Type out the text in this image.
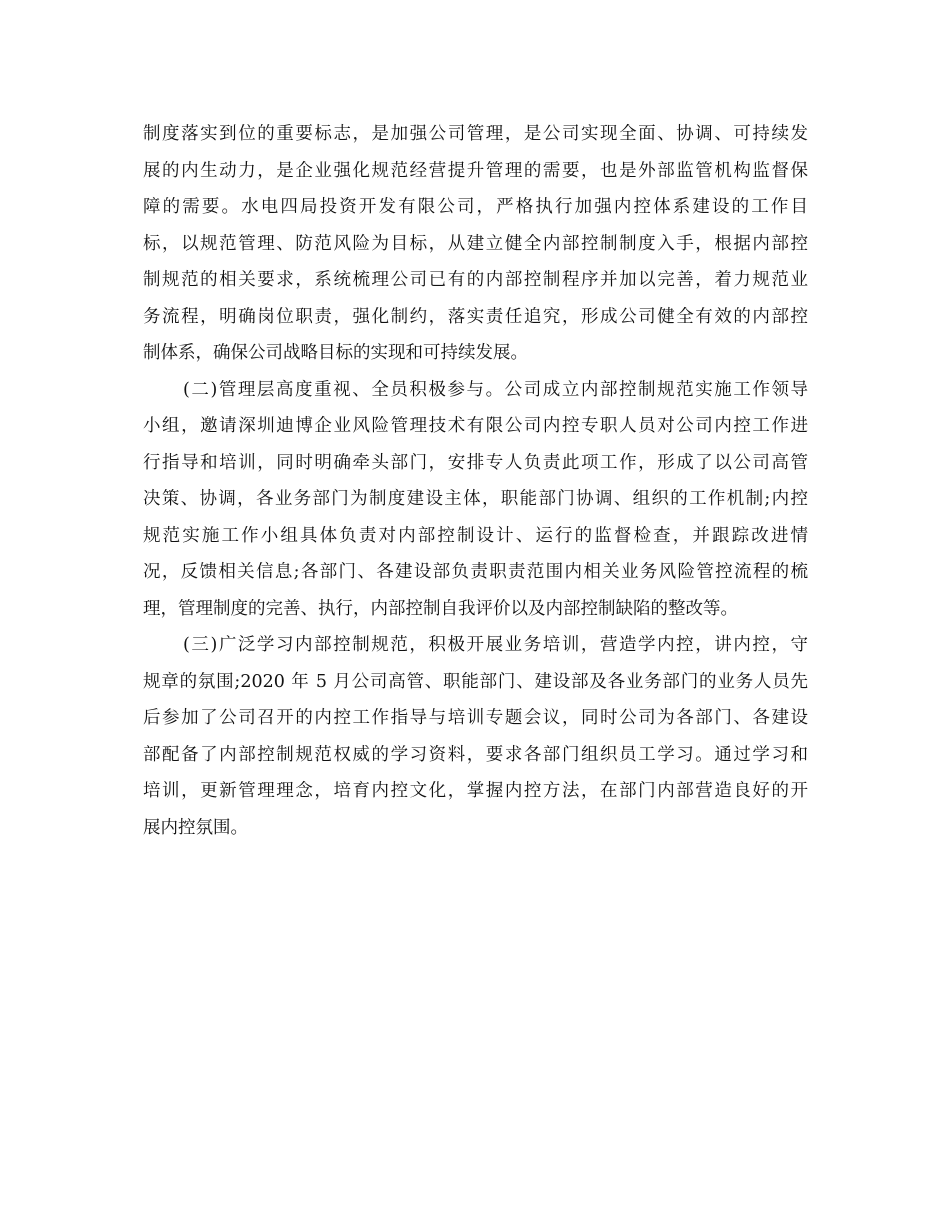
制度落实到位的重要标志，是加强公司管理，是公司实现全面、协调、可持续发
展的内生动力，是企业强化规范经营提升管理的需要，也是外部监管机构监督保
障的需要。水电四局投资开发有限公司，严格执行加强内控体系建设的工作目
标，以规范管理、防范风险为目标，从建立健全内部控制制度入手，根据内部控
制规范的相关要求，系统梳理公司已有的内部控制程序并加以完善，着力规范业
务流程，明确岗位职责，强化制约，落实责任追究，形成公司健全有效的内部控
制体系，确保公司战略目标的实现和可持续发展。
(二)管理层高度重视、全员积极参与。公司成立内部控制规范实施工作领导
小组，邀请深圳迪博企业风险管理技术有限公司内控专职人员对公司内控工作进
行指导和培训，同时明确牵头部门，安排专人负责此项工作，形成了以公司高管
决策、协调，各业务部门为制度建设主体，职能部门协调、组织的工作机制;内控
规范实施工作小组具体负责对内部控制设计、运行的监督检查，并跟踪改进情
况，反馈相关信息;各部门、各建设部负责职责范围内相关业务风险管控流程的梳
理，管理制度的完善、执行，内部控制自我评价以及内部控制缺陷的整改等。
(三)广泛学习内部控制规范，积极开展业务培训，营造学内控，讲内控，守
规章的氛围;2020 年 5 月公司高管、职能部门、建设部及各业务部门的业务人员先
后参加了公司召开的内控工作指导与培训专题会议，同时公司为各部门、各建设
部配备了内部控制规范权威的学习资料，要求各部门组织员工学习。通过学习和
培训，更新管理理念，培育内控文化，掌握内控方法，在部门内部营造良好的开
展内控氛围。
